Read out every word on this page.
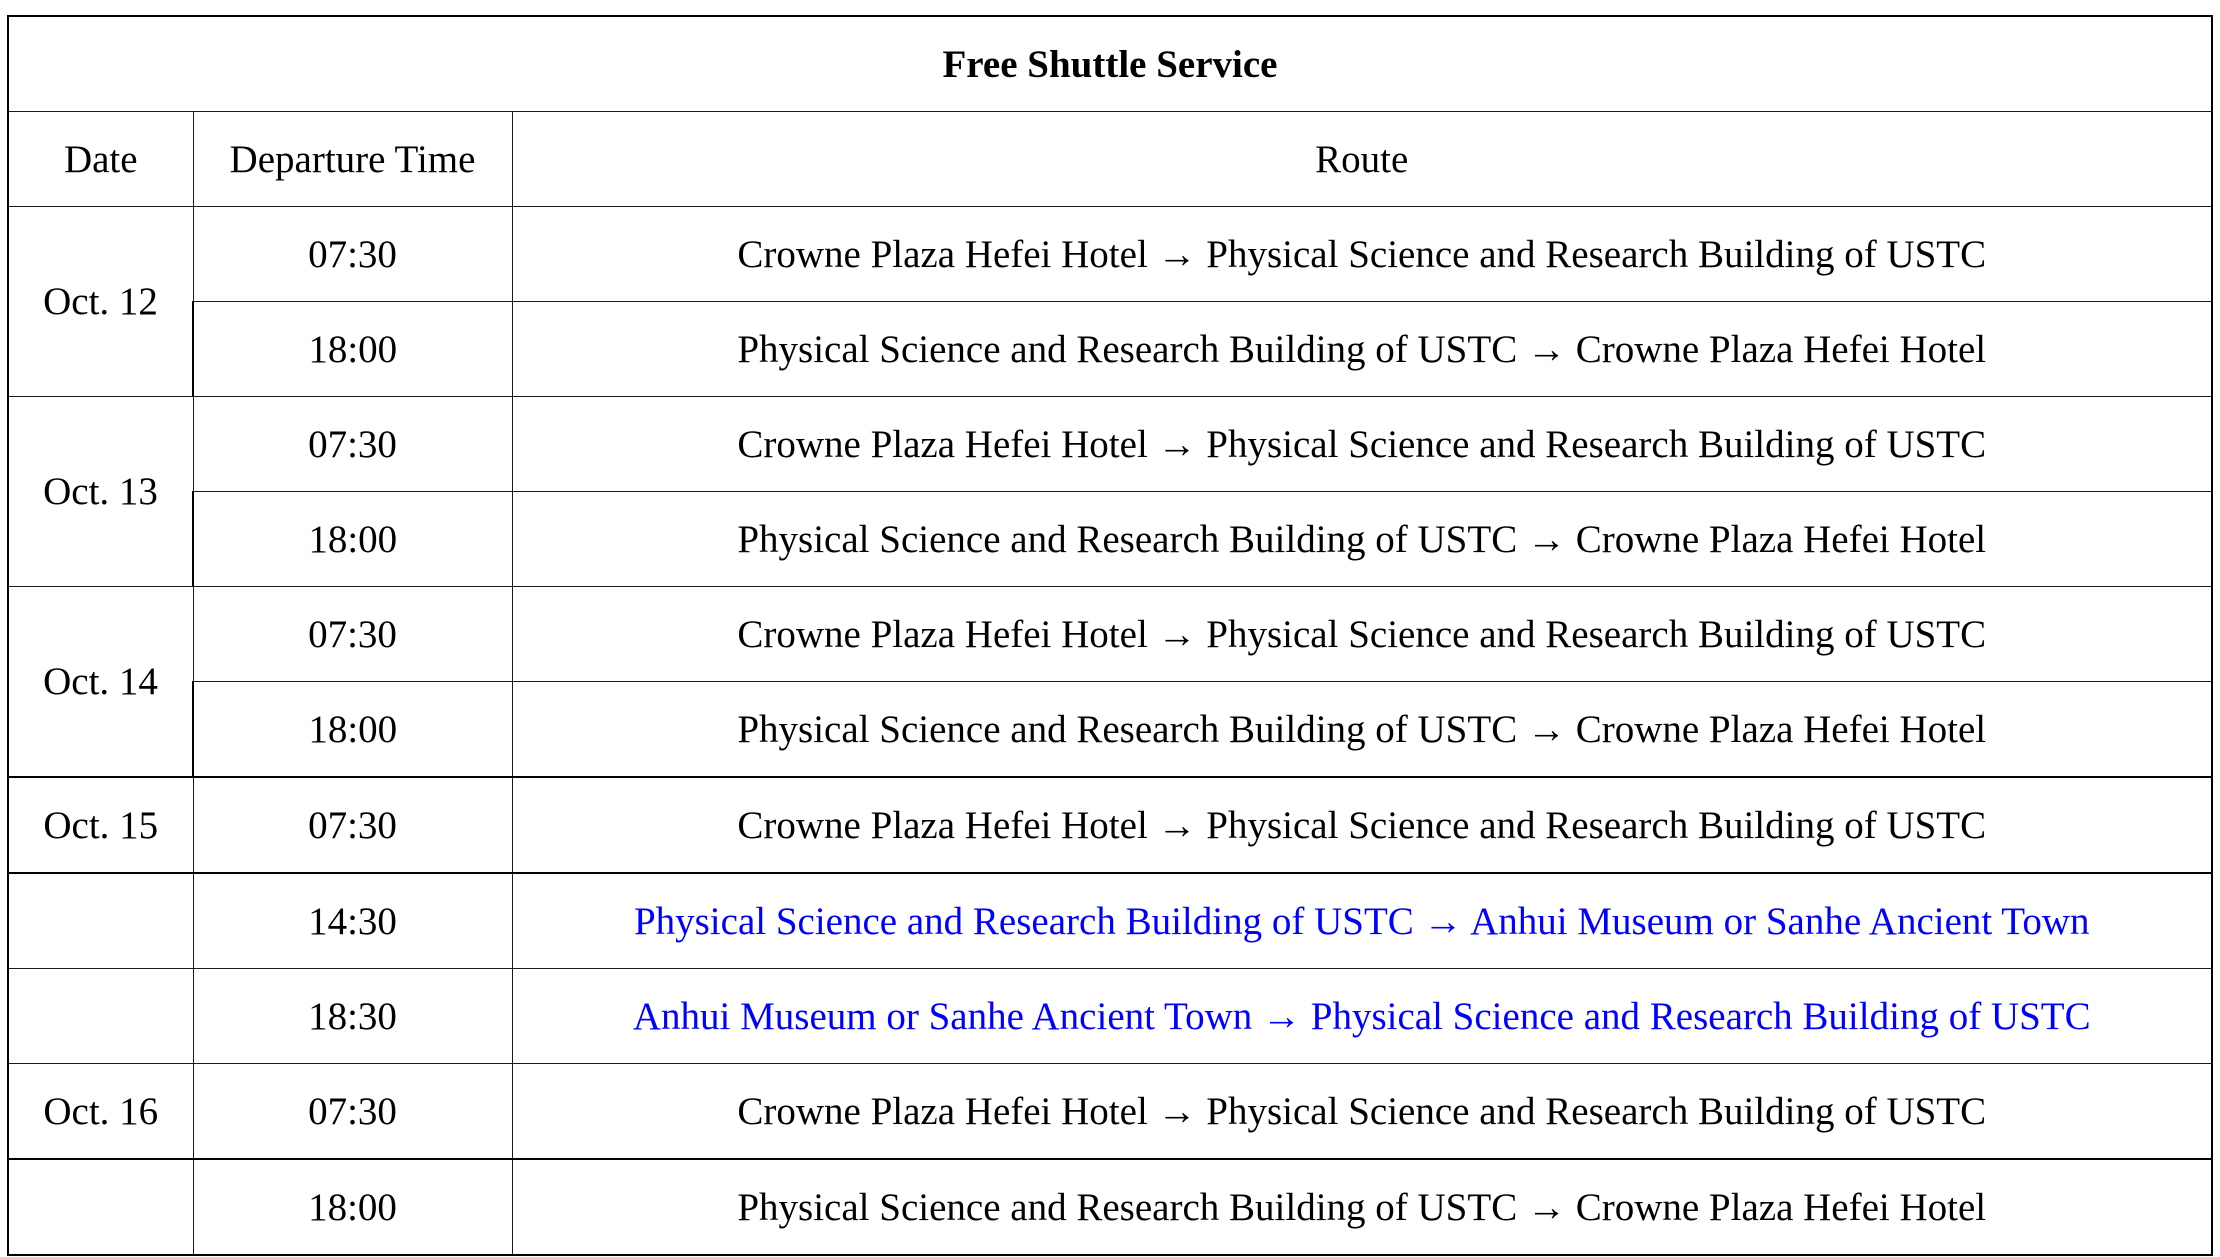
Free Shuttle Service		
Date	Departure Time	Route
Oct. 12	07:30	Crowne Plaza Hefei Hotel → Physical Science and Research Building of USTC
	18:00	Physical Science and Research Building of USTC → Crowne Plaza Hefei Hotel
Oct. 13	07:30	Crowne Plaza Hefei Hotel → Physical Science and Research Building of USTC
	18:00	Physical Science and Research Building of USTC → Crowne Plaza Hefei Hotel
Oct. 14	07:30	Crowne Plaza Hefei Hotel → Physical Science and Research Building of USTC
	18:00	Physical Science and Research Building of USTC → Crowne Plaza Hefei Hotel
Oct. 15	07:30	Crowne Plaza Hefei Hotel → Physical Science and Research Building of USTC
	14:30	Physical Science and Research Building of USTC → Anhui Museum or Sanhe Ancient Town
	18:30	Anhui Museum or Sanhe Ancient Town → Physical Science and Research Building of USTC
Oct. 16	07:30	Crowne Plaza Hefei Hotel → Physical Science and Research Building of USTC
	18:00	Physical Science and Research Building of USTC → Crowne Plaza Hefei Hotel
